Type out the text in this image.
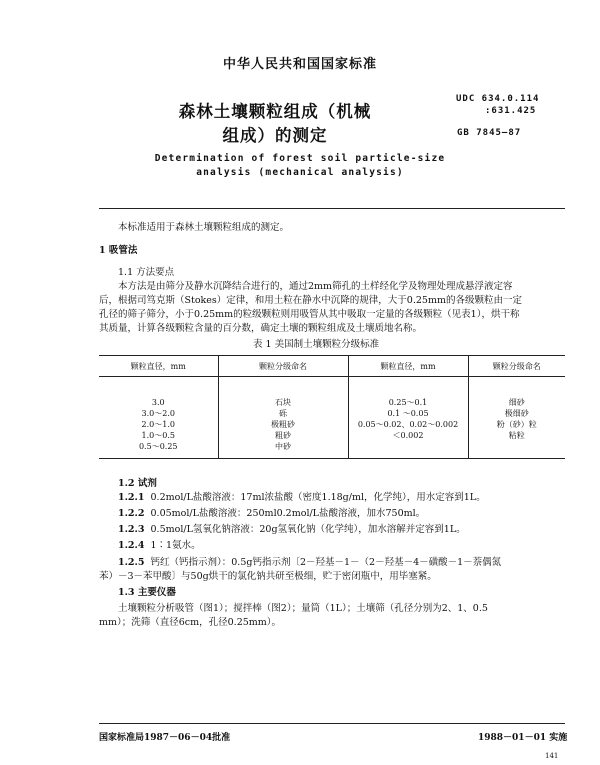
中华人民共和国国家标准
森林土壤颗粒组成（机械
组成）的测定
UDC 634.0.114
:631.425
GB 7845—87
Determination of forest soil particle-size
analysis (mechanical analysis)
本标准适用于森林土壤颗粒组成的测定。
1 吸管法
1.1 方法要点
本方法是由筛分及静水沉降结合进行的，通过2mm筛孔的土样经化学及物理处理成悬浮液定容
后，根据司笃克斯（Stokes）定律，和用土粒在静水中沉降的规律，大于0.25mm的各级颗粒由一定
孔径的筛子筛分，小于0.25mm的粒级颗粒则用吸管从其中吸取一定量的各级颗粒（见表1），烘干称
其质量，计算各级颗粒含量的百分数，确定土壤的颗粒组成及土壤质地名称。
表 1 美国制土壤颗粒分级标准
颗粒直径，mm	颗粒分级命名	颗粒直径，mm	颗粒分级命名

3.0
3.0～2.0
2.0～1.0
1.0～0.5
0.5～0.25	石块
砾
极粗砂
粗砂
中砂	0.25～0.1
0.1 ～0.05
0.05～0.02、0.02～0.002
＜0.002	细砂
极细砂
粉（砂）粒
粘粒
1.2 试剂
1.2.1 0.2mol/L盐酸溶液：17ml浓盐酸（密度1.18g/ml，化学纯），用水定容到1L。
1.2.2 0.05mol/L盐酸溶液：250ml0.2mol/L盐酸溶液，加水750ml。
1.2.3 0.5mol/L氢氧化钠溶液：20g氢氧化钠（化学纯），加水溶解并定容到1L。
1.2.4 1∶1氨水。
1.2.5 钙红（钙指示剂）：0.5g钙指示剂〔2－羟基－1－（2－羟基－4－磺酸－1－萘偶氮
苯）－3－苯甲酸〕与50g烘干的氯化钠共研至极细，贮于密闭瓶中，用毕塞紧。
1.3 主要仪器
土壤颗粒分析吸管（图1）；搅拌棒（图2）；量筒（1L）；土壤筛（孔径分别为2、1、0.5
mm）；洗筛（直径6cm，孔径0.25mm）。
国家标准局1987－06－04批准	1988－01－01 实施
141
